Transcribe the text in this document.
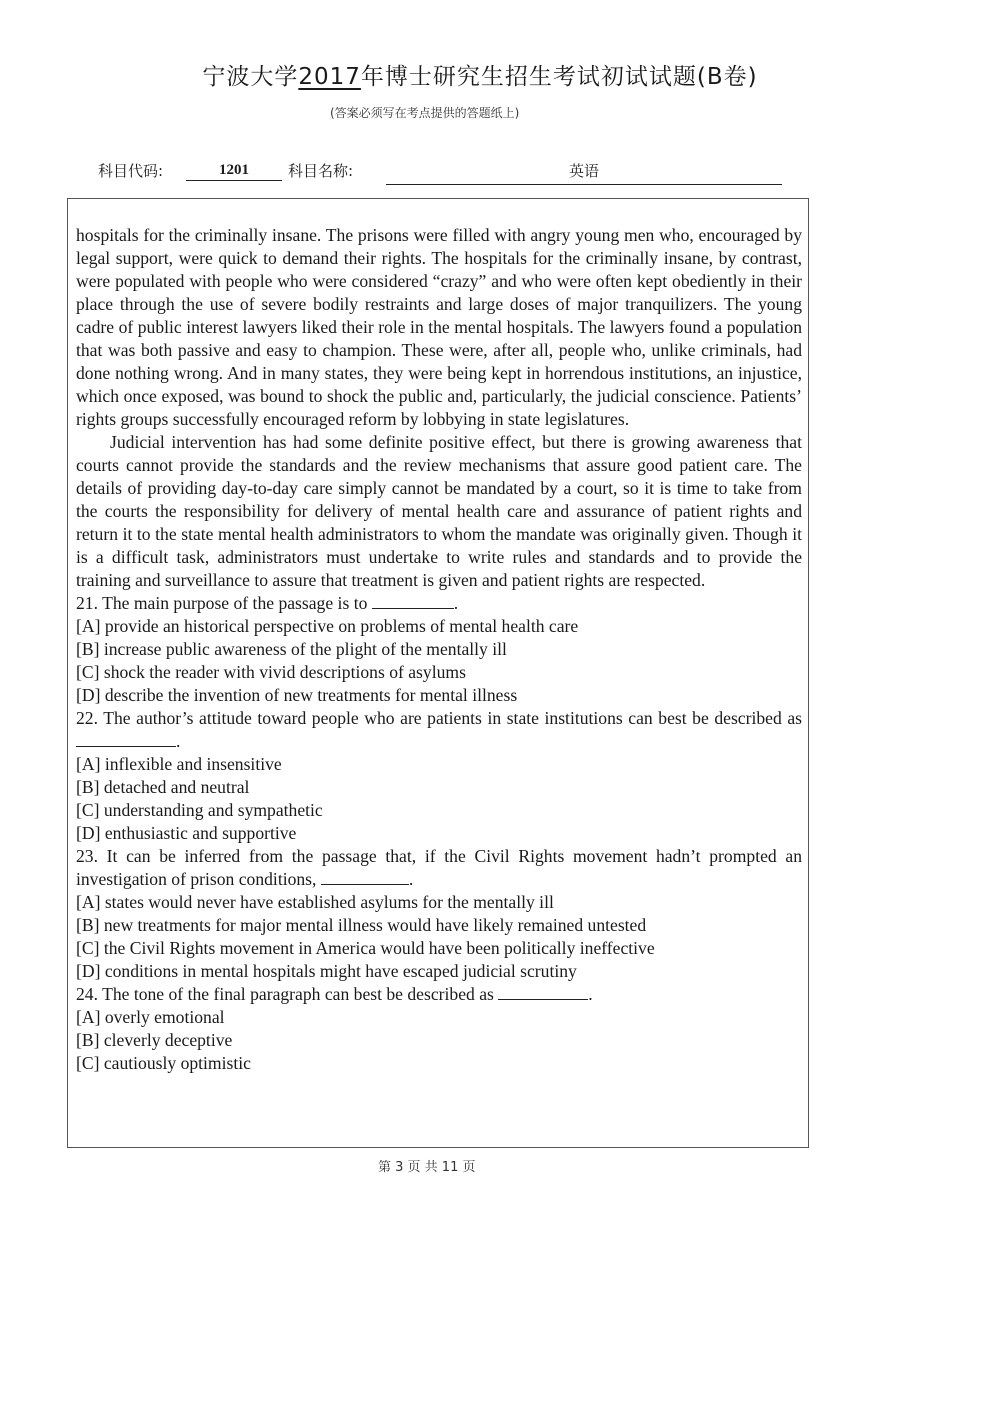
宁波大学2017年博士研究生招生考试初试试题(B卷)
(答案必须写在考点提供的答题纸上)
科目代码:	1201	科目名称:	英语

hospitals for the criminally insane. The prisons were filled with angry young men who, encouraged by legal support, were quick to demand their rights. The hospitals for the criminally insane, by contrast, were populated with people who were considered “crazy” and who were often kept obediently in their place through the use of severe bodily restraints and large doses of major tranquilizers. The young cadre of public interest lawyers liked their role in the mental hospitals. The lawyers found a population that was both passive and easy to champion. These were, after all, people who, unlike criminals, had done nothing wrong. And in many states, they were being kept in horrendous institutions, an injustice, which once exposed, was bound to shock the public and, particularly, the judicial conscience. Patients’ rights groups successfully encouraged reform by lobbying in state legislatures.

Judicial intervention has had some definite positive effect, but there is growing awareness that courts cannot provide the standards and the review mechanisms that assure good patient care. The details of providing day-to-day care simply cannot be mandated by a court, so it is time to take from the courts the responsibility for delivery of mental health care and assurance of patient rights and return it to the state mental health administrators to whom the mandate was originally given. Though it is a difficult task, administrators must undertake to write rules and standards and to provide the training and surveillance to assure that treatment is given and patient rights are respected.

21. The main purpose of the passage is to	.

[A] provide an historical perspective on problems of mental health care

[B] increase public awareness of the plight of the mentally ill

[C] shock the reader with vivid descriptions of asylums

[D] describe the invention of new treatments for mental illness

22. The author’s attitude toward people who are patients in state institutions can best be described as .

[A] inflexible and insensitive

[B] detached and neutral

[C] understanding and sympathetic

[D] enthusiastic and supportive

23. It can be inferred from the passage that, if the Civil Rights movement hadn’t prompted an investigation of prison conditions,	.

[A] states would never have established asylums for the mentally ill

[B] new treatments for major mental illness would have likely remained untested

[C] the Civil Rights movement in America would have been politically ineffective

[D] conditions in mental hospitals might have escaped judicial scrutiny

24. The tone of the final paragraph can best be described as	.

[A] overly emotional

[B] cleverly deceptive

[C] cautiously optimistic

第 3 页 共 11 页
